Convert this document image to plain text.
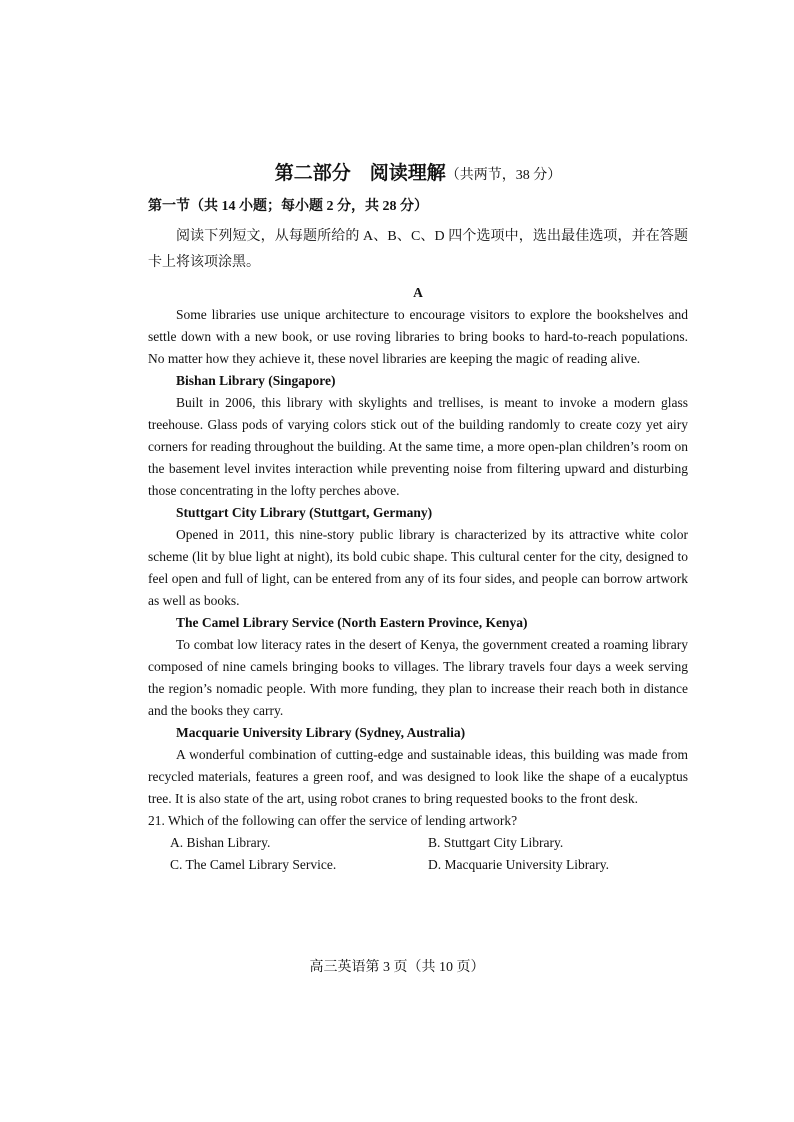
第二部分　阅读理解（共两节，38 分）
第一节（共 14 小题；每小题 2 分，共 28 分）

阅读下列短文，从每题所给的 A、B、C、D 四个选项中，选出最佳选项，并在答题卡上将该项涂黑。

A

Some libraries use unique architecture to encourage visitors to explore the bookshelves and settle down with a new book, or use roving libraries to bring books to hard-to-reach populations. No matter how they achieve it, these novel libraries are keeping the magic of reading alive.

Bishan Library (Singapore)

Built in 2006, this library with skylights and trellises, is meant to invoke a modern glass treehouse. Glass pods of varying colors stick out of the building randomly to create cozy yet airy corners for reading throughout the building. At the same time, a more open-plan children’s room on the basement level invites interaction while preventing noise from filtering upward and disturbing those concentrating in the lofty perches above.

Stuttgart City Library (Stuttgart, Germany)

Opened in 2011, this nine-story public library is characterized by its attractive white color scheme (lit by blue light at night), its bold cubic shape. This cultural center for the city, designed to feel open and full of light, can be entered from any of its four sides, and people can borrow artwork as well as books.

The Camel Library Service (North Eastern Province, Kenya)

To combat low literacy rates in the desert of Kenya, the government created a roaming library composed of nine camels bringing books to villages. The library travels four days a week serving the region’s nomadic people. With more funding, they plan to increase their reach both in distance and the books they carry.

Macquarie University Library (Sydney, Australia)

A wonderful combination of cutting-edge and sustainable ideas, this building was made from recycled materials, features a green roof, and was designed to look like the shape of a eucalyptus tree. It is also state of the art, using robot cranes to bring requested books to the front desk.

21. Which of the following can offer the service of lending artwork?
A. Bishan Library.	B. Stuttgart City Library.
C. The Camel Library Service.	D. Macquarie University Library.
高三英语第 3 页（共 10 页）
